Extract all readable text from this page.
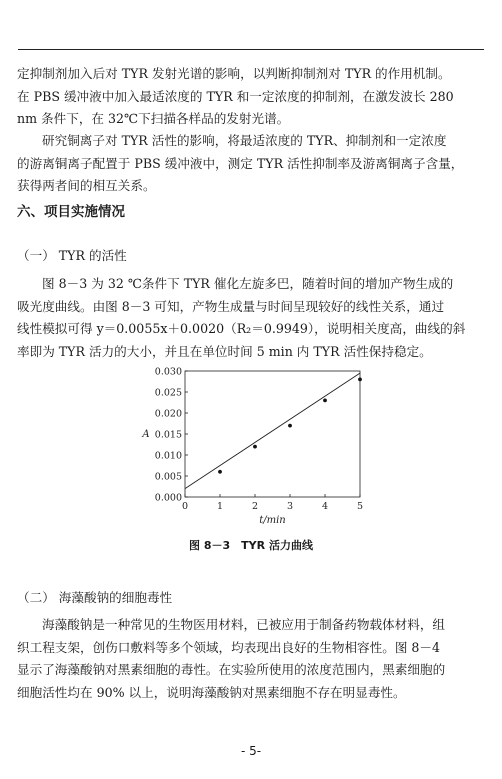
定抑制剂加入后对 TYR 发射光谱的影响，以判断抑制剂对 TYR 的作用机制。
在 PBS 缓冲液中加入最适浓度的 TYR 和一定浓度的抑制剂，在激发波长 280
nm 条件下，在 32℃下扫描各样品的发射光谱。

研究铜离子对 TYR 活性的影响，将最适浓度的 TYR、抑制剂和一定浓度
的游离铜离子配置于 PBS 缓冲液中，测定 TYR 活性抑制率及游离铜离子含量，
获得两者间的相互关系。

六、项目实施情况

（一） TYR 的活性

图 8－3 为 32 ℃条件下 TYR 催化左旋多巴，随着时间的增加产物生成的
吸光度曲线。由图 8－3 可知，产物生成量与时间呈现较好的线性关系，通过
线性模拟可得 y＝0.0055x＋0.0020（R₂＝0.9949），说明相关度高，曲线的斜
率即为 TYR 活力的大小，并且在单位时间 5 min 内 TYR 活性保持稳定。

0	1	2	3	4	5
0.000
0.005
0.010
0.015
0.020
0.025
0.030
t/min
A
图 8－3　TYR 活力曲线

（二） 海藻酸钠的细胞毒性

海藻酸钠是一种常见的生物医用材料，已被应用于制备药物载体材料，组
织工程支架，创伤口敷料等多个领域，均表现出良好的生物相容性。图 8－4
显示了海藻酸钠对黑素细胞的毒性。在实验所使用的浓度范围内，黑素细胞的
细胞活性均在 90% 以上，说明海藻酸钠对黑素细胞不存在明显毒性。

- 5-
